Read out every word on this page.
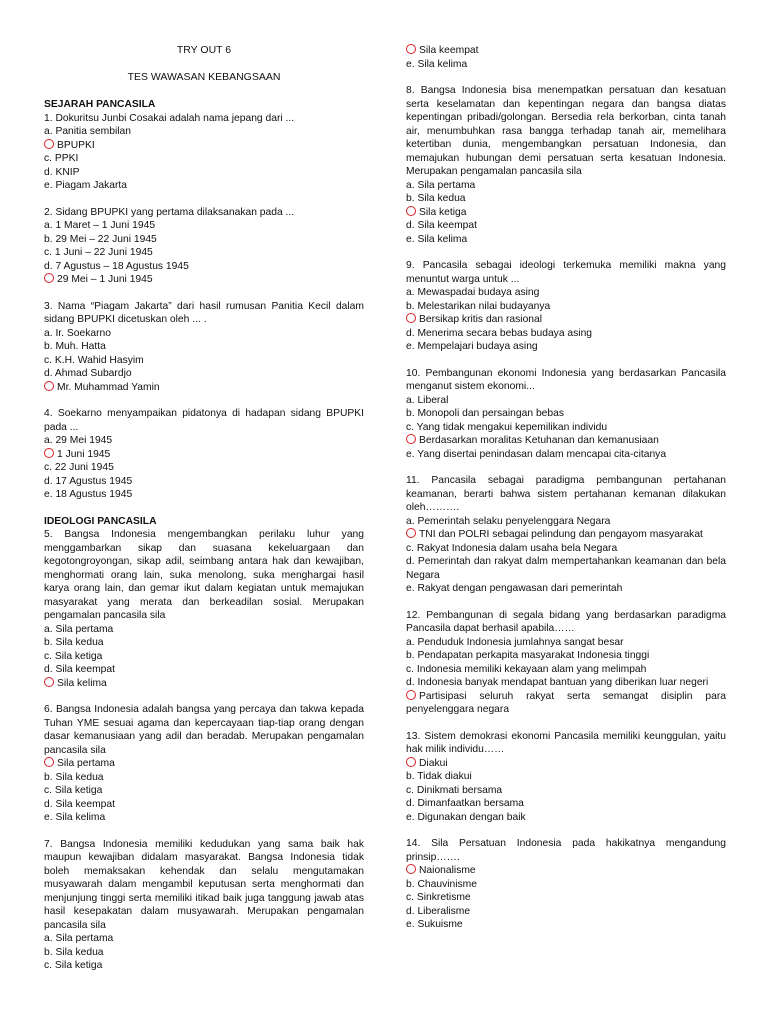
TRY OUT 6

TES WAWASAN KEBANGSAAN

SEJARAH PANCASILA

1. Dokuritsu Junbi Cosakai adalah nama jepang dari ...

a. Panitia sembilan

BPUPKI

c. PPKI

d. KNIP

e. Piagam Jakarta

2. Sidang BPUPKI yang pertama dilaksanakan pada ...

a. 1 Maret – 1 Juni 1945

b. 29 Mei – 22 Juni 1945

c. 1 Juni – 22 Juni 1945

d. 7 Agustus – 18 Agustus 1945

29 Mei – 1 Juni 1945

3. Nama “Piagam Jakarta” dari hasil rumusan Panitia Kecil dalam sidang BPUPKI dicetuskan oleh ... .

a. Ir. Soekarno

b. Muh. Hatta

c. K.H. Wahid Hasyim

d. Ahmad Subardjo

Mr. Muhammad Yamin

4. Soekarno menyampaikan pidatonya di hadapan sidang BPUPKI pada ...

a. 29 Mei 1945

1 Juni 1945

c. 22 Juni 1945

d. 17 Agustus 1945

e. 18 Agustus 1945

IDEOLOGI PANCASILA

5. Bangsa Indonesia mengembangkan perilaku luhur yang menggambarkan sikap dan suasana kekeluargaan dan kegotongroyongan, sikap adil, seimbang antara hak dan kewajiban, menghormati orang lain, suka menolong, suka menghargai hasil karya orang lain, dan gemar ikut dalam kegiatan untuk memajukan masyarakat yang merata dan berkeadilan sosial. Merupakan pengamalan pancasila sila

a. Sila pertama

b. Sila kedua

c. Sila ketiga

d. Sila keempat

Sila kelima

6. Bangsa Indonesia adalah bangsa yang percaya dan takwa kepada Tuhan YME sesuai agama dan kepercayaan tiap-tiap orang dengan dasar kemanusiaan yang adil dan beradab. Merupakan pengamalan pancasila sila

Sila pertama

b. Sila kedua

c. Sila ketiga

d. Sila keempat

e. Sila kelima

7. Bangsa Indonesia memiliki kedudukan yang sama baik hak maupun kewajiban didalam masyarakat. Bangsa Indonesia tidak boleh memaksakan kehendak dan selalu mengutamakan musyawarah dalam mengambil keputusan serta menghormati dan menjunjung tinggi serta memiliki itikad baik juga tanggung jawab atas hasil kesepakatan dalam musyawarah. Merupakan pengamalan pancasila sila

a. Sila pertama

b. Sila kedua

c. Sila ketiga

Sila keempat

e. Sila kelima

8. Bangsa Indonesia bisa menempatkan persatuan dan kesatuan serta keselamatan dan kepentingan negara dan bangsa diatas kepentingan pribadi/golongan. Bersedia rela berkorban, cinta tanah air, menumbuhkan rasa bangga terhadap tanah air, memelihara ketertiban dunia, mengembangkan persatuan Indonesia, dan memajukan hubungan demi persatuan serta kesatuan Indonesia. Merupakan pengamalan pancasila sila

a. Sila pertama

b. Sila kedua

Sila ketiga

d. Sila keempat

e. Sila kelima

9. Pancasila sebagai ideologi terkemuka memiliki makna yang menuntut warga untuk ...

a. Mewaspadai budaya asing

b. Melestarikan nilai budayanya

Bersikap kritis dan rasional

d. Menerima secara bebas budaya asing

e. Mempelajari budaya asing

10. Pembangunan ekonomi Indonesia yang berdasarkan Pancasila menganut sistem ekonomi...

a. Liberal

b. Monopoli dan persaingan bebas

c. Yang tidak mengakui kepemilikan individu

Berdasarkan moralitas Ketuhanan dan kemanusiaan

e. Yang disertai penindasan dalam mencapai cita-citanya

11. Pancasila sebagai paradigma pembangunan pertahanan keamanan, berarti bahwa sistem pertahanan kemanan dilakukan oleh……….

a. Pemerintah selaku penyelenggara Negara

TNI dan POLRI sebagai pelindung dan pengayom masyarakat

c. Rakyat Indonesia dalam usaha bela Negara

d. Pemerintah dan rakyat dalm mempertahankan keamanan dan bela Negara

e. Rakyat dengan pengawasan dari pemerintah

12. Pembangunan di segala bidang yang berdasarkan paradigma Pancasila dapat berhasil apabila……

a. Penduduk Indonesia jumlahnya sangat besar

b. Pendapatan perkapita masyarakat Indonesia tinggi

c. Indonesia memiliki kekayaan alam yang melimpah

d. Indonesia banyak mendapat bantuan yang diberikan luar negeri

Partisipasi seluruh rakyat serta semangat disiplin para penyelenggara negara

13. Sistem demokrasi ekonomi Pancasila memiliki keunggulan, yaitu hak milik individu……

Diakui

b. Tidak diakui

c. Dinikmati bersama

d. Dimanfaatkan bersama

e. Digunakan dengan baik

14. Sila Persatuan Indonesia pada hakikatnya mengandung prinsip…….

Naionalisme

b. Chauvinisme

c. Sinkretisme

d. Liberalisme

e. Sukuisme
